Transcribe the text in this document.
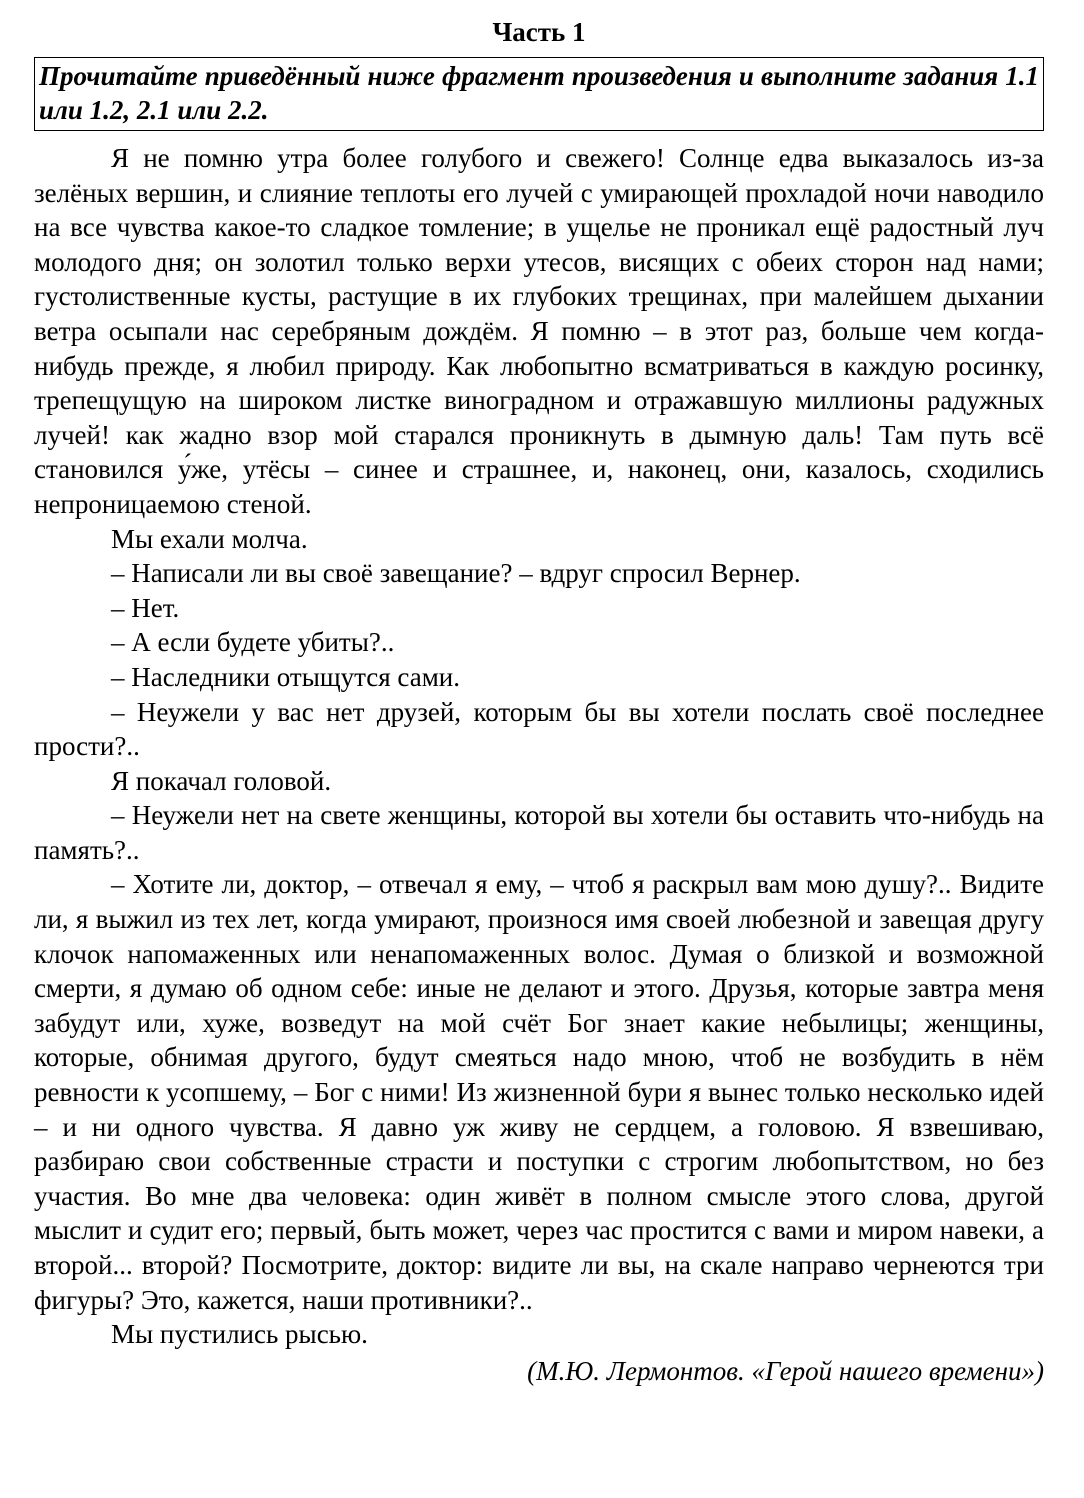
Часть 1
Прочитайте приведённый ниже фрагмент произведения и выполните задания 1.1 или 1.2, 2.1 или 2.2.

Я не помню утра более голубого и свежего! Солнце едва выказалось из-за зелёных вершин, и слияние теплоты его лучей с умирающей прохладой ночи наводило на все чувства какое-то сладкое томление; в ущелье не проникал ещё радостный луч молодого дня; он золотил только верхи утесов, висящих с обеих сторон над нами; густолиственные кусты, растущие в их глубоких трещинах, при малейшем дыхании ветра осыпали нас серебряным дождём. Я помню – в этот раз, больше чем когда-нибудь прежде, я любил природу. Как любопытно всматриваться в каждую росинку, трепещущую на широком листке виноградном и отражавшую миллионы радужных лучей! как жадно взор мой старался проникнуть в дымную даль! Там путь всё становился у́же, утёсы – синее и страшнее, и, наконец, они, казалось, сходились непроницаемою стеной.

Мы ехали молча.

– Написали ли вы своё завещание? – вдруг спросил Вернер.

– Нет.

– А если будете убиты?..

– Наследники отыщутся сами.

– Неужели у вас нет друзей, которым бы вы хотели послать своё последнее прости?..

Я покачал головой.

– Неужели нет на свете женщины, которой вы хотели бы оставить что-нибудь на память?..

– Хотите ли, доктор, – отвечал я ему, – чтоб я раскрыл вам мою душу?.. Видите ли, я выжил из тех лет, когда умирают, произнося имя своей любезной и завещая другу клочок напомаженных или ненапомаженных волос. Думая о близкой и возможной смерти, я думаю об одном себе: иные не делают и этого. Друзья, которые завтра меня забудут или, хуже, возведут на мой счёт Бог знает какие небылицы; женщины, которые, обнимая другого, будут смеяться надо мною, чтоб не возбудить в нём ревности к усопшему, – Бог с ними! Из жизненной бури я вынес только несколько идей – и ни одного чувства. Я давно уж живу не сердцем, а головою. Я взвешиваю, разбираю свои собственные страсти и поступки с строгим любопытством, но без участия. Во мне два человека: один живёт в полном смысле этого слова, другой мыслит и судит его; первый, быть может, через час простится с вами и миром навеки, а второй... второй? Посмотрите, доктор: видите ли вы, на скале направо чернеются три фигуры? Это, кажется, наши противники?..

Мы пустились рысью.

(М.Ю. Лермонтов. «Герой нашего времени»)
